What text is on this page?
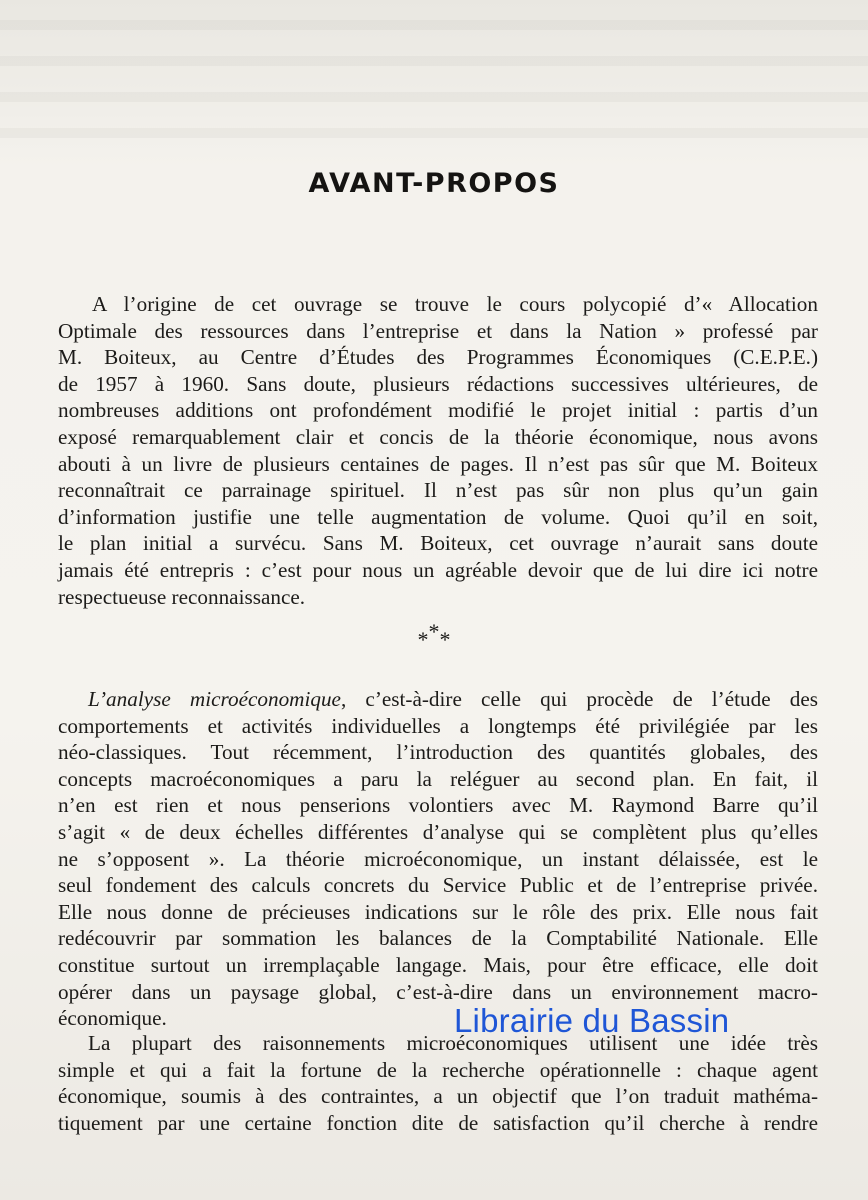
AVANT-PROPOS
A l’origine de cet ouvrage se trouve le cours polycopié d’« Allocation
Optimale des ressources dans l’entreprise et dans la Nation » professé par
M. Boiteux, au Centre d’Études des Programmes Économiques (C.E.P.E.)
de 1957 à 1960. Sans doute, plusieurs rédactions successives ultérieures, de
nombreuses additions ont profondément modifié le projet initial : partis d’un
exposé remarquablement clair et concis de la théorie économique, nous avons
abouti à un livre de plusieurs centaines de pages. Il n’est pas sûr que M. Boiteux
reconnaîtrait ce parrainage spirituel. Il n’est pas sûr non plus qu’un gain
d’information justifie une telle augmentation de volume. Quoi qu’il en soit,
le plan initial a survécu. Sans M. Boiteux, cet ouvrage n’aurait sans doute
jamais été entrepris : c’est pour nous un agréable devoir que de lui dire ici notre
respectueuse reconnaissance.
***
L’analyse microéconomique, c’est-à-dire celle qui procède de l’étude des
comportements et activités individuelles a longtemps été privilégiée par les
néo-classiques. Tout récemment, l’introduction des quantités globales, des
concepts macroéconomiques a paru la reléguer au second plan. En fait, il
n’en est rien et nous penserions volontiers avec M. Raymond Barre qu’il
s’agit « de deux échelles différentes d’analyse qui se complètent plus qu’elles
ne s’opposent ». La théorie microéconomique, un instant délaissée, est le
seul fondement des calculs concrets du Service Public et de l’entreprise privée.
Elle nous donne de précieuses indications sur le rôle des prix. Elle nous fait
redécouvrir par sommation les balances de la Comptabilité Nationale. Elle
constitue surtout un irremplaçable langage. Mais, pour être efficace, elle doit
opérer dans un paysage global, c’est-à-dire dans un environnement macro-
économique.
La plupart des raisonnements microéconomiques utilisent une idée très
simple et qui a fait la fortune de la recherche opérationnelle : chaque agent
économique, soumis à des contraintes, a un objectif que l’on traduit mathéma-
tiquement par une certaine fonction dite de satisfaction qu’il cherche à rendre
Librairie du Bassin
